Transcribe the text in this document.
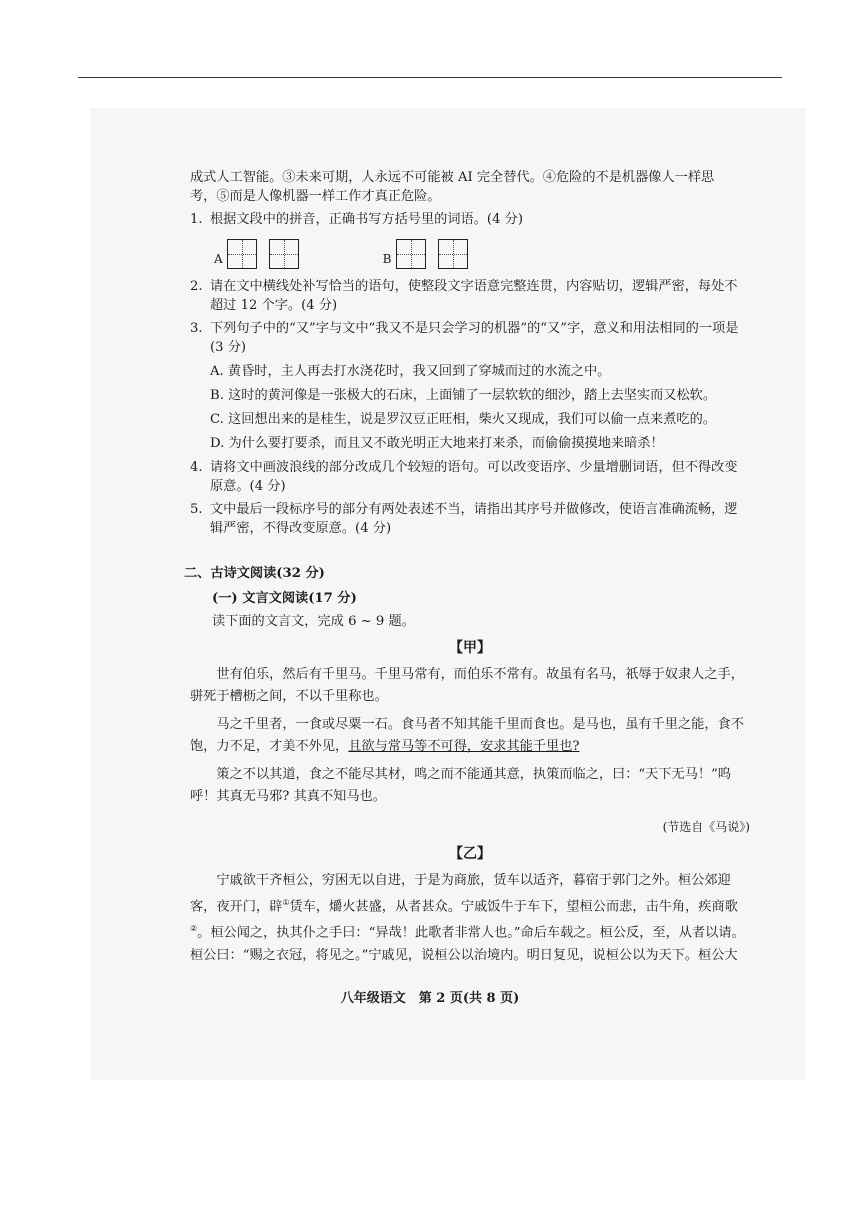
成式人工智能。③未来可期，人永远不可能被 AI 完全替代。④危险的不是机器像人一样思

考，⑤而是人像机器一样工作才真正危险。

1. 根据文段中的拼音，正确书写方括号里的词语。(4 分)

A	B
2. 请在文中横线处补写恰当的语句，使整段文字语意完整连贯，内容贴切，逻辑严密，每处不超过 12 个字。(4 分)

3. 下列句子中的“又”字与文中“我又不是只会学习的机器”的“又”字，意义和用法相同的一项是(3 分)

A. 黄昏时，主人再去打水浇花时，我又回到了穿城而过的水流之中。

B. 这时的黄河像是一张极大的石床，上面铺了一层软软的细沙，踏上去坚实而又松软。

C. 这回想出来的是桂生，说是罗汉豆正旺相，柴火又现成，我们可以偷一点来煮吃的。

D. 为什么要打要杀，而且又不敢光明正大地来打来杀，而偷偷摸摸地来暗杀！

4. 请将文中画波浪线的部分改成几个较短的语句。可以改变语序、少量增删词语，但不得改变原意。(4 分)

5. 文中最后一段标序号的部分有两处表述不当，请指出其序号并做修改，使语言准确流畅，逻辑严密，不得改变原意。(4 分)

二、古诗文阅读(32 分)

(一) 文言文阅读(17 分)

读下面的文言文，完成 6 ~ 9 题。

【甲】

世有伯乐，然后有千里马。千里马常有，而伯乐不常有。故虽有名马，祇辱于奴隶人之手，骈死于槽枥之间，不以千里称也。

马之千里者，一食或尽粟一石。食马者不知其能千里而食也。是马也，虽有千里之能，食不饱，力不足，才美不外见，且欲与常马等不可得，安求其能千里也?

策之不以其道，食之不能尽其材，鸣之而不能通其意，执策而临之，曰：“天下无马！”呜呼！其真无马邪? 其真不知马也。

(节选自《马说》)

【乙】

宁戚欲干齐桓公，穷困无以自进，于是为商旅，赁车以适齐，暮宿于郭门之外。桓公郊迎客，夜开门，辟①赁车，爝火甚盛，从者甚众。宁戚饭牛于车下，望桓公而悲，击牛角，疾商歌②。桓公闻之，执其仆之手曰：“异哉！此歌者非常人也。”命后车载之。桓公反，至，从者以请。桓公曰：“赐之衣冠，将见之。”宁戚见，说桓公以治境内。明日复见，说桓公以为天下。桓公大

八年级语文　第 2 页(共 8 页)
